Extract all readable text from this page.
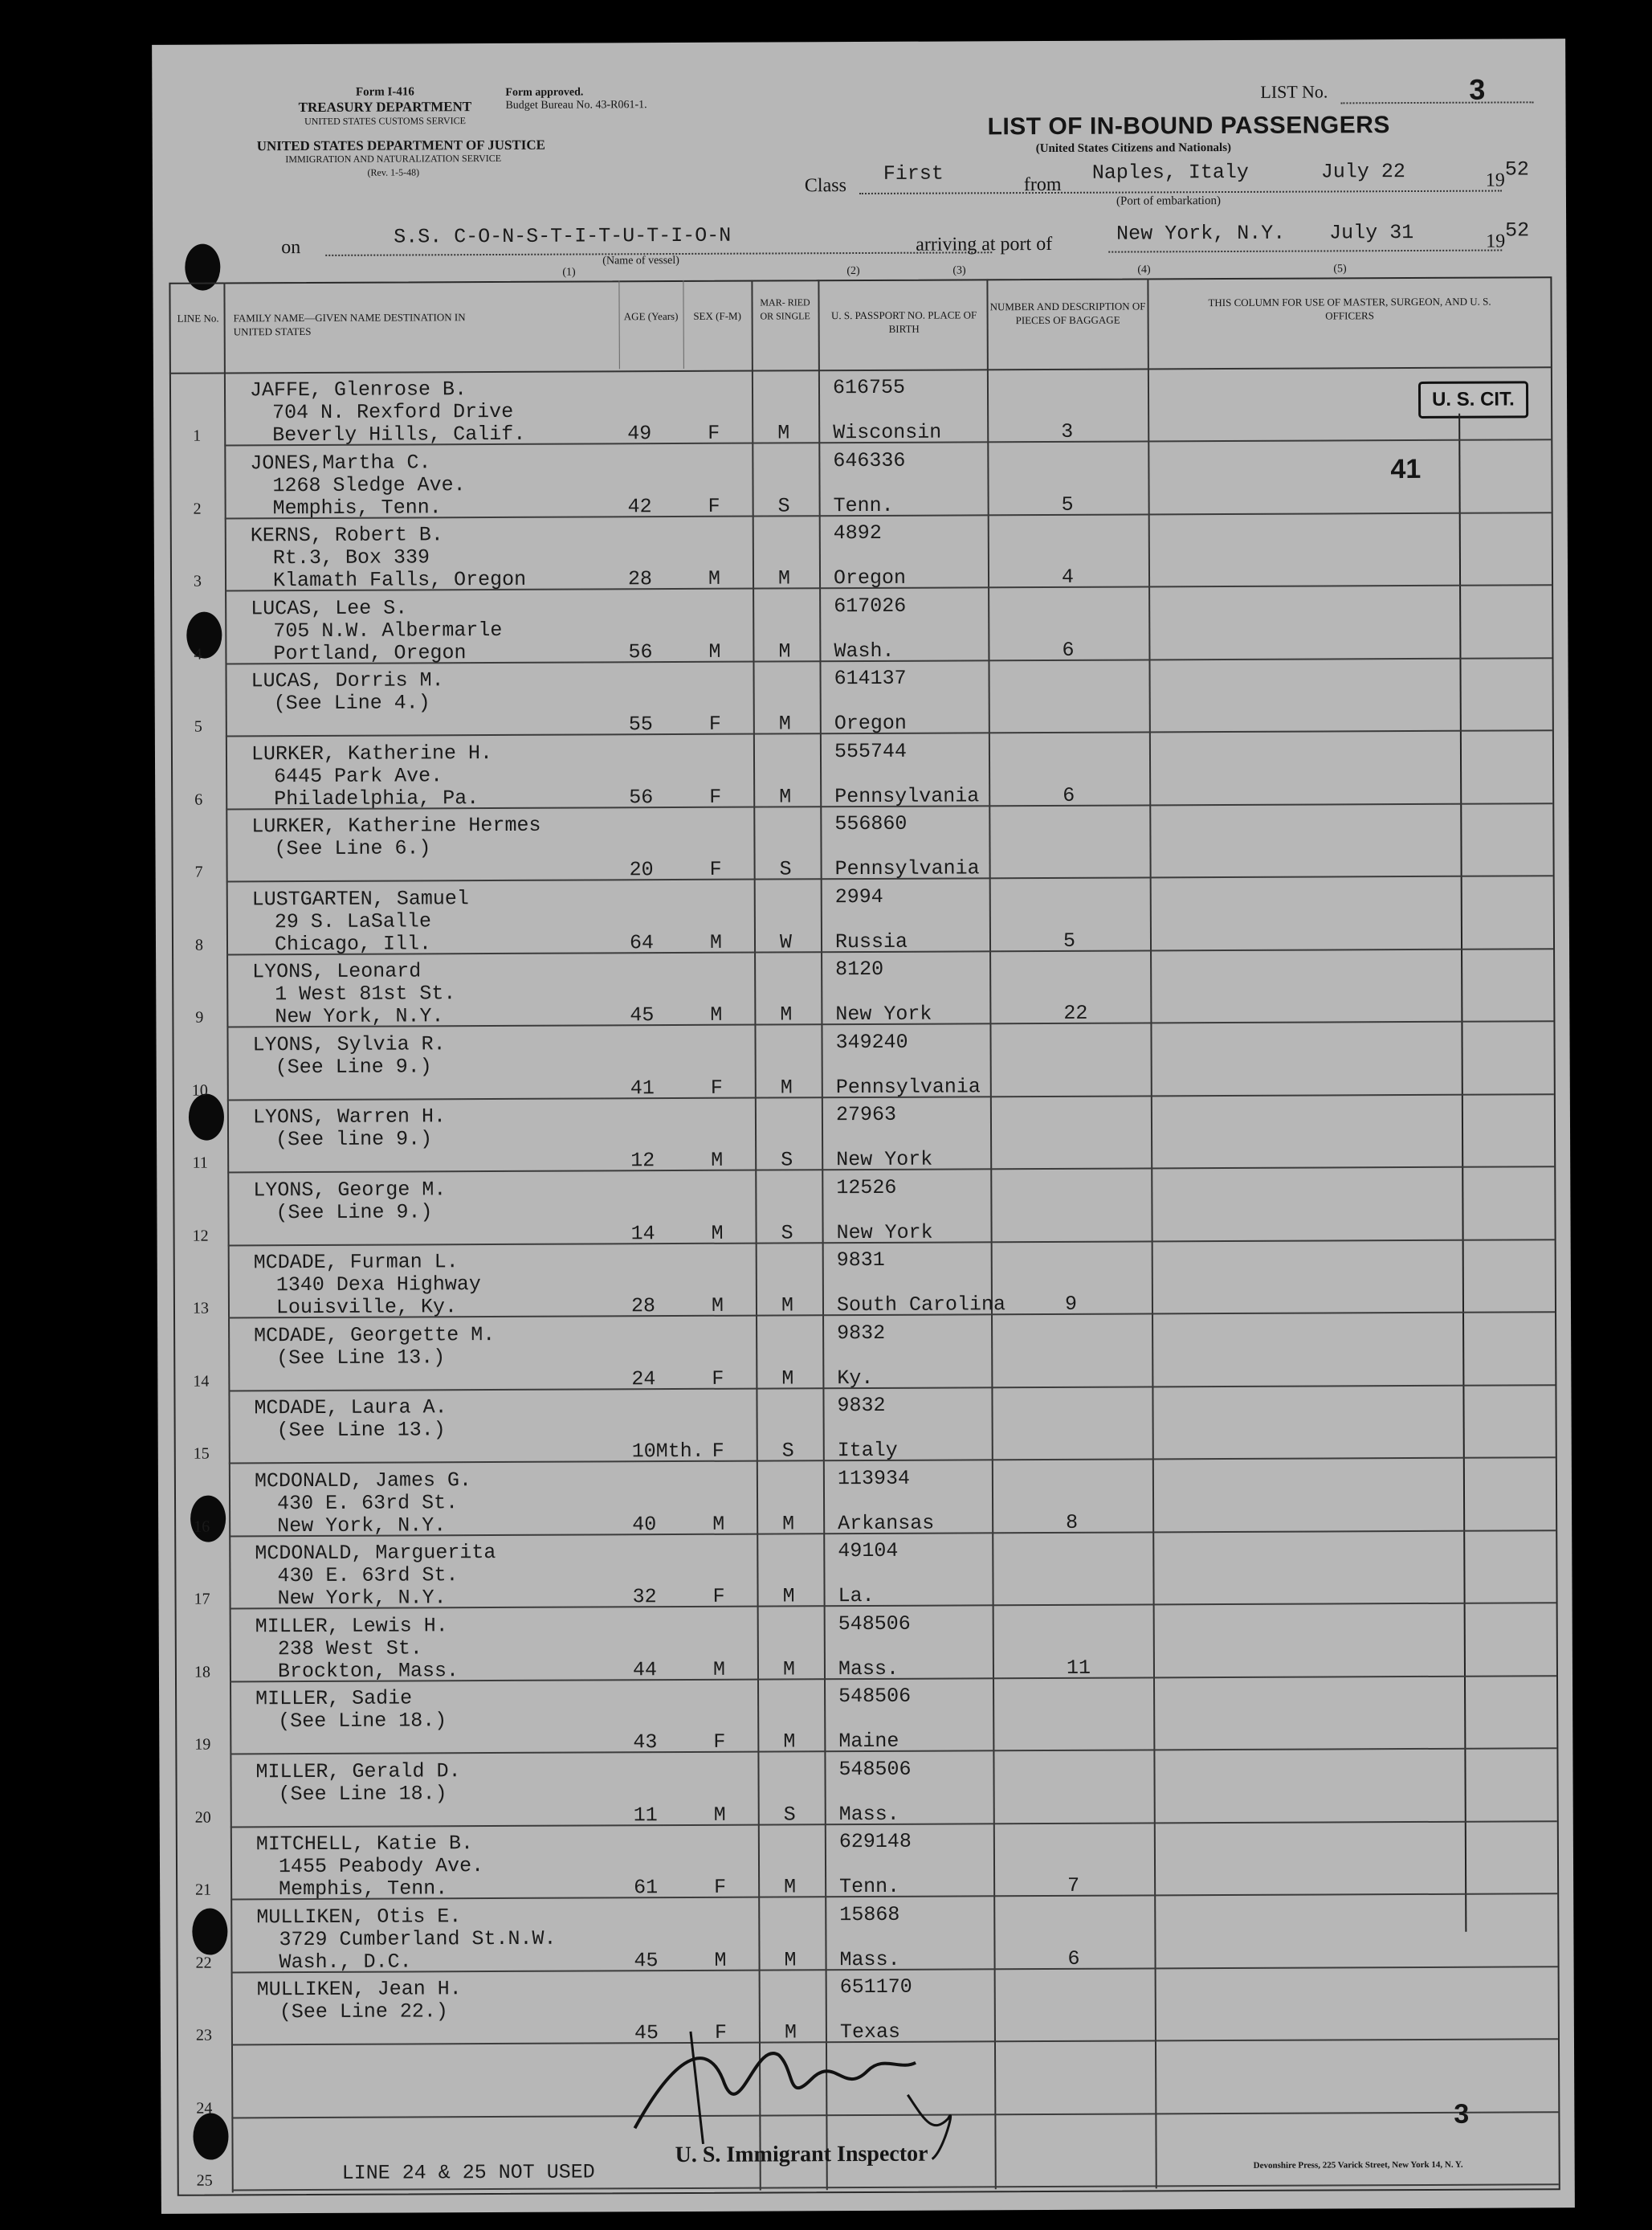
Form I-416
TREASURY DEPARTMENT
UNITED STATES CUSTOMS SERVICE
Form approved.
Budget Bureau No. 43-R061-1.
UNITED STATES DEPARTMENT OF JUSTICE
IMMIGRATION AND NATURALIZATION SERVICE
(Rev. 1-5-48)
LIST No.	3
LIST OF IN-BOUND PASSENGERS
(United States Citizens and Nationals)
Class
First	from
Naples, Italy	July 22	1952
(Port of embarkation)
on	S.S. C-O-N-S-T-I-T-U-T-I-O-N
(Name of vessel)
arriving at port of	New York, N.Y. July 31	1952
(1)	(2)	(3)	(4)	(5)
LINE No. FAMILY NAME—GIVEN NAME DESTINATION IN UNITED STATES
AGE (Years)	SEX (F-M)
MAR- RIED OR SINGLE	U. S. PASSPORT NO. PLACE OF BIRTH
NUMBER AND DESCRIPTION OF PIECES OF BAGGAGE
THIS COLUMN FOR USE OF MASTER, SURGEON, AND U. S. OFFICERS
U. S. CIT.
41
1
JAFFE, Glenrose B.
704 N. Rexford Drive
Beverly Hills, Calif.	49	F	M
616755
Wisconsin	3
2
JONES,Martha C.
1268 Sledge Ave.
Memphis, Tenn.	42	F	S
646336
Tenn.	5
3
KERNS, Robert B.
Rt.3, Box 339
Klamath Falls, Oregon	28	M	M
4892
Oregon	4
4
LUCAS, Lee S.
705 N.W. Albermarle
Portland, Oregon	56	M	M
617026
Wash.	6
5
LUCAS, Dorris M.
(See Line 4.)
55	F	M
614137
Oregon
6
LURKER, Katherine H.
6445 Park Ave.
Philadelphia, Pa.	56	F	M
555744
Pennsylvania	6
7
LURKER, Katherine Hermes
(See Line 6.)
20	F	S
556860
Pennsylvania
8
LUSTGARTEN, Samuel
29 S. LaSalle
Chicago, Ill.	64	M	W
2994
Russia	5
9
LYONS, Leonard
1 West 81st St.
New York, N.Y.	45	M	M
8120
New York	22
10
LYONS, Sylvia R.
(See Line 9.)
41	F	M
349240
Pennsylvania
11
LYONS, Warren H.
(See line 9.)
12	M	S
27963
New York
12
LYONS, George M.
(See Line 9.)
14	M	S
12526
New York
13
MCDADE, Furman L.
1340 Dexa Highway
Louisville, Ky.	28	M	M
9831
South Carolina	9
14
MCDADE, Georgette M.
(See Line 13.)
24	F	M
9832
Ky.
15
MCDADE, Laura A.
(See Line 13.)
10Mth. F	S
9832
Italy
16
MCDONALD, James G.
430 E. 63rd St.
New York, N.Y.	40	M	M
113934
Arkansas	8
17
MCDONALD, Marguerita
430 E. 63rd St.
New York, N.Y.	32	F	M
49104
La.
18
MILLER, Lewis H.
238 West St.
Brockton, Mass.	44	M	M
548506
Mass.	11
19
MILLER, Sadie
(See Line 18.)
43	F	M
548506
Maine
20
MILLER, Gerald D.
(See Line 18.)
11	M	S
548506
Mass.
21
MITCHELL, Katie B.
1455 Peabody Ave.
Memphis, Tenn.	61	F	M
629148
Tenn.	7
22
MULLIKEN, Otis E.
3729 Cumberland St.N.W.
Wash., D.C.	45	M	M
15868
Mass.	6
23
MULLIKEN, Jean H.
(See Line 22.)
45	F	M
651170
Texas
24
25
U. S. Immigrant Inspector
3
LINE 24 & 25 NOT USED	Devonshire Press, 225 Varick Street, New York 14, N. Y.
